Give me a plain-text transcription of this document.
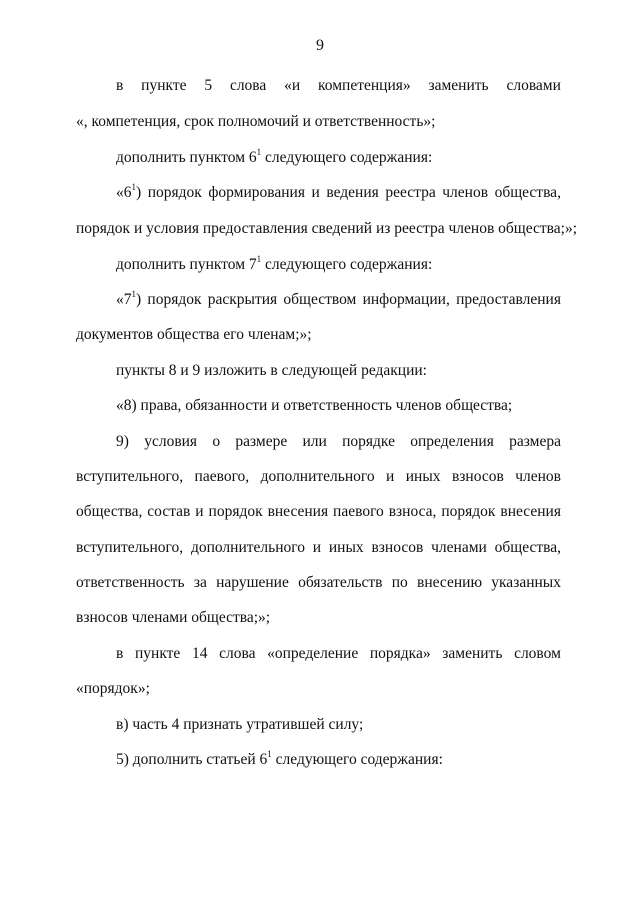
9
в пункте 5 слова «и компетенция» заменить словами
«, компетенция, срок полномочий и ответственность»;
дополнить пунктом $6^1$ следующего содержания:
«$6^1$) порядок формирования и ведения реестра членов общества,
порядок и условия предоставления сведений из реестра членов общества;»;
дополнить пунктом $7^1$ следующего содержания:
«$7^1$) порядок раскрытия обществом информации, предоставления
документов общества его членам;»;
пункты 8 и 9 изложить в следующей редакции:
«8) права, обязанности и ответственность членов общества;
9) условия о размере или порядке определения размера
вступительного, паевого, дополнительного и иных взносов членов
общества, состав и порядок внесения паевого взноса, порядок внесения
вступительного, дополнительного и иных взносов членами общества,
ответственность за нарушение обязательств по внесению указанных
взносов членами общества;»;
в пункте 14 слова «определение порядка» заменить словом
«порядок»;
в) часть 4 признать утратившей силу;
5) дополнить статьей $6^1$ следующего содержания:
